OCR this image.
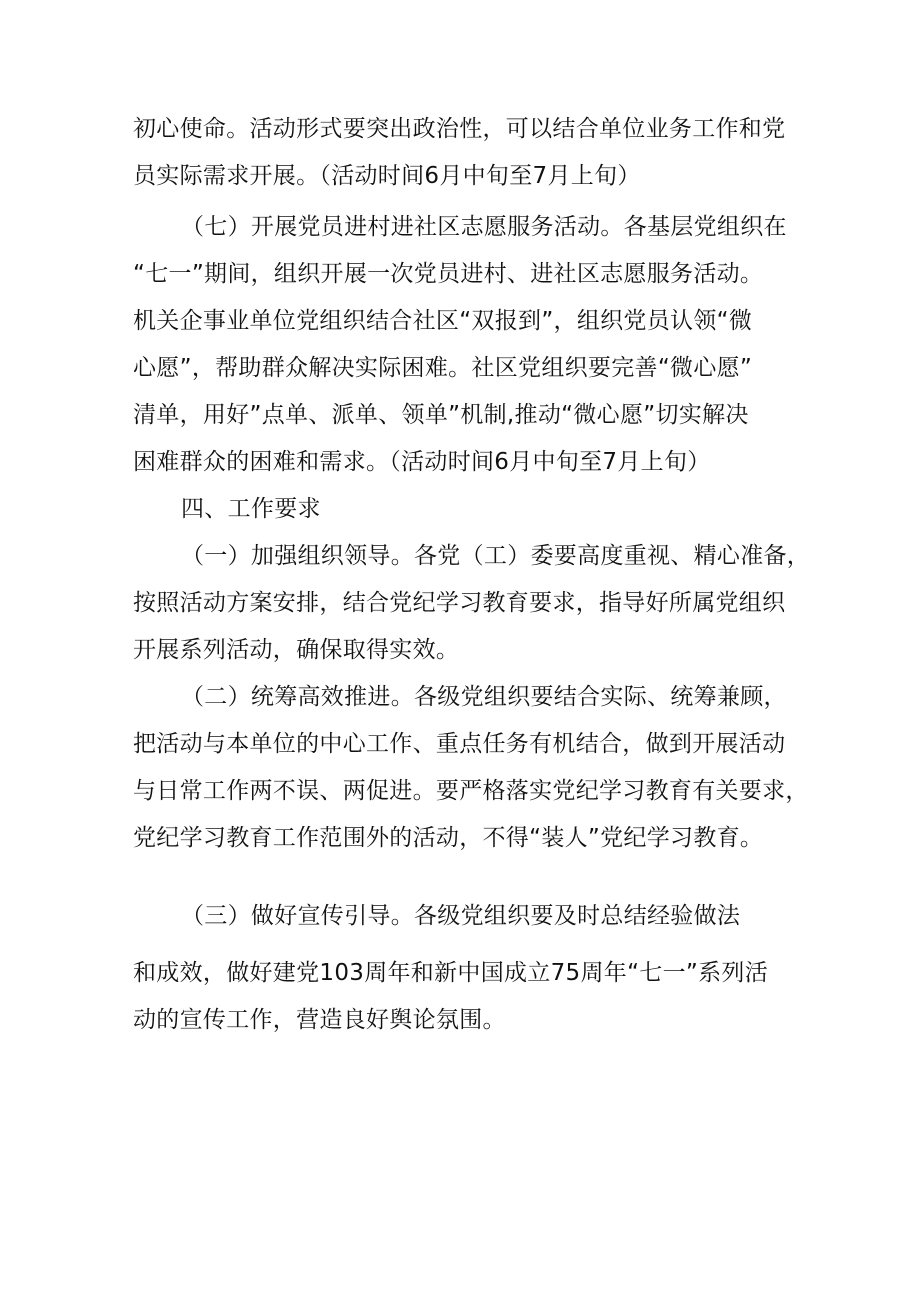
初心使命。活动形式要突出政治性，可以结合单位业务工作和党
员实际需求开展。（活动时间6月中旬至7月上旬）
（七）开展党员进村进社区志愿服务活动。各基层党组织在
“七一”期间，组织开展一次党员进村、进社区志愿服务活动。
机关企事业单位党组织结合社区“双报到”，组织党员认领“微
心愿”，帮助群众解决实际困难。社区党组织要完善“微心愿”
清单，用好”点单、派单、领单”机制,推动“微心愿”切实解决
困难群众的困难和需求。（活动时间6月中旬至7月上旬）
四、工作要求
（一）加强组织领导。各党（工）委要高度重视、精心准备，
按照活动方案安排，结合党纪学习教育要求，指导好所属党组织
开展系列活动，确保取得实效。
（二）统筹高效推进。各级党组织要结合实际、统筹兼顾，
把活动与本单位的中心工作、重点任务有机结合，做到开展活动
与日常工作两不误、两促进。要严格落实党纪学习教育有关要求，
党纪学习教育工作范围外的活动，不得“装人”党纪学习教育。
（三）做好宣传引导。各级党组织要及时总结经验做法
和成效，做好建党103周年和新中国成立75周年“七一”系列活
动的宣传工作，营造良好舆论氛围。
